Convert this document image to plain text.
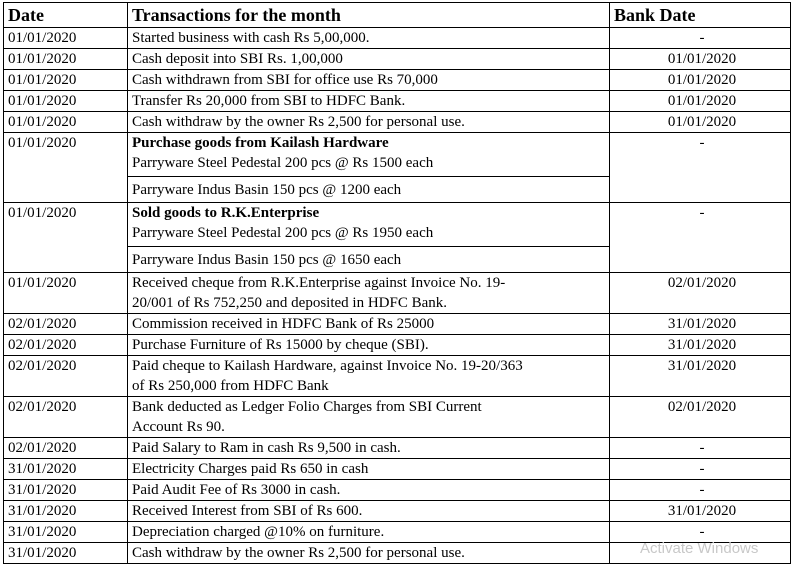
Date	Transactions for the month	Bank Date
01/01/2020	Started business with cash Rs 5,00,000.	-
01/01/2020	Cash deposit into SBI Rs. 1,00,000	01/01/2020
01/01/2020	Cash withdrawn from SBI for office use Rs 70,000	01/01/2020
01/01/2020	Transfer Rs 20,000 from SBI to HDFC Bank.	01/01/2020
01/01/2020	Cash withdraw by the owner Rs 2,500 for personal use.	01/01/2020
01/01/2020	Purchase goods from Kailash Hardware
Parryware Steel Pedestal 200 pcs @ Rs 1500 each
Parryware Indus Basin 150 pcs @ 1200 each	-
01/01/2020	Sold goods to R.K.Enterprise
Parryware Steel Pedestal 200 pcs @ Rs 1950 each
Parryware Indus Basin 150 pcs @ 1650 each	-
01/01/2020	Received cheque from R.K.Enterprise against Invoice No. 19-
20/001 of Rs 752,250 and deposited in HDFC Bank.	02/01/2020
02/01/2020	Commission received in HDFC Bank of Rs 25000	31/01/2020
02/01/2020	Purchase Furniture of Rs 15000 by cheque (SBI).	31/01/2020
02/01/2020	Paid cheque to Kailash Hardware, against Invoice No. 19-20/363
of Rs 250,000 from HDFC Bank	31/01/2020
02/01/2020	Bank deducted as Ledger Folio Charges from SBI Current
Account Rs 90.	02/01/2020
02/01/2020	Paid Salary to Ram in cash Rs 9,500 in cash.	-
31/01/2020	Electricity Charges paid Rs 650 in cash	-
31/01/2020	Paid Audit Fee of Rs 3000 in cash.	-
31/01/2020	Received Interest from SBI of Rs 600.	31/01/2020
31/01/2020	Depreciation charged @10% on furniture.	-
31/01/2020	Cash withdraw by the owner Rs 2,500 for personal use.	
		Activate Windows
